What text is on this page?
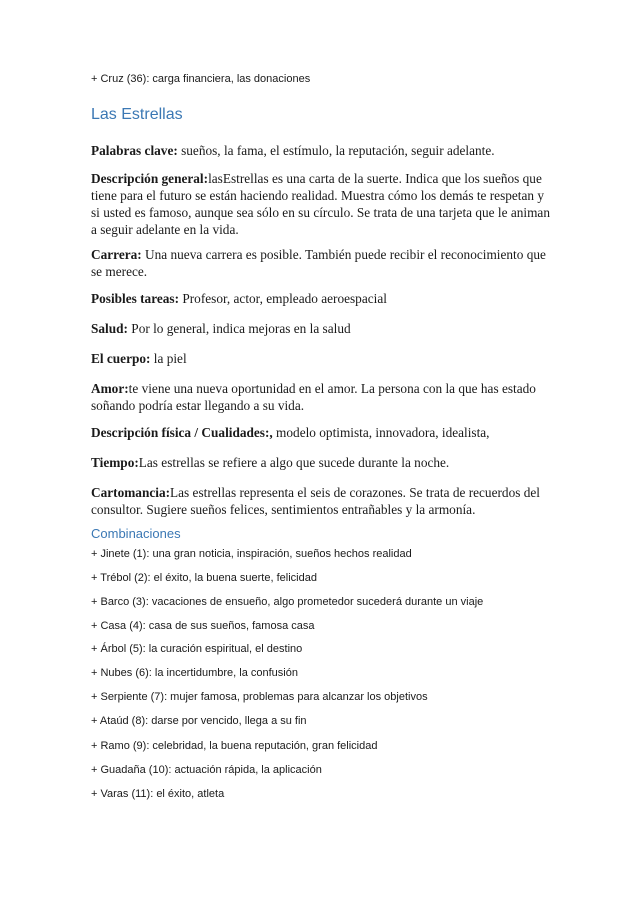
+ Cruz (36): carga financiera, las donaciones
Las Estrellas

Palabras clave: sueños, la fama, el estímulo, la reputación, seguir adelante.

Descripción general:lasEstrellas es una carta de la suerte. Indica que los sueños que tiene para el futuro se están haciendo realidad. Muestra cómo los demás te respetan y si usted es famoso, aunque sea sólo en su círculo. Se trata de una tarjeta que le animan a seguir adelante en la vida.

Carrera: Una nueva carrera es posible. También puede recibir el reconocimiento que se merece.

Posibles tareas: Profesor, actor, empleado aeroespacial

Salud: Por lo general, indica mejoras en la salud

El cuerpo: la piel

Amor:te viene una nueva oportunidad en el amor. La persona con la que has estado soñando podría estar llegando a su vida.

Descripción física / Cualidades:, modelo optimista, innovadora, idealista,

Tiempo:Las estrellas se refiere a algo que sucede durante la noche.

Cartomancia:Las estrellas representa el seis de corazones. Se trata de recuerdos del consultor. Sugiere sueños felices, sentimientos entrañables y la armonía.

Combinaciones
+ Jinete (1): una gran noticia, inspiración, sueños hechos realidad
+ Trébol (2): el éxito, la buena suerte, felicidad
+ Barco (3): vacaciones de ensueño, algo prometedor sucederá durante un viaje
+ Casa (4): casa de sus sueños, famosa casa
+ Árbol (5): la curación espiritual, el destino
+ Nubes (6): la incertidumbre, la confusión
+ Serpiente (7): mujer famosa, problemas para alcanzar los objetivos
+ Ataúd (8): darse por vencido, llega a su fin
+ Ramo (9): celebridad, la buena reputación, gran felicidad
+ Guadaña (10): actuación rápida, la aplicación
+ Varas (11): el éxito, atleta
